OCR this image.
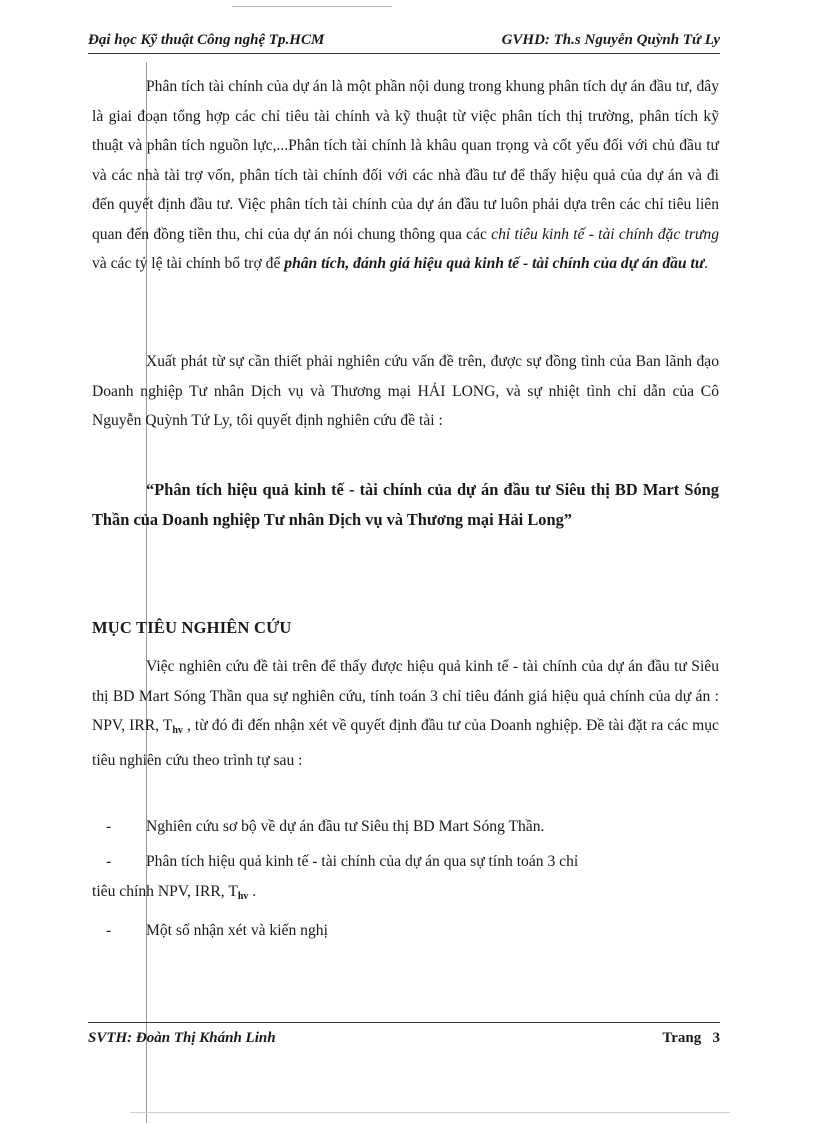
Đại học Kỹ thuật Công nghệ Tp.HCM	GVHD: Th.s Nguyễn Quỳnh Tứ Ly

Phân tích tài chính của dự án là một phần nội dung trong khung phân tích dự án đầu tư, đây là giai đoạn tổng hợp các chỉ tiêu tài chính và kỹ thuật từ việc phân tích thị trường, phân tích kỹ thuật và phân tích nguồn lực,...Phân tích tài chính là khâu quan trọng và cốt yếu đối với chủ đầu tư và các nhà tài trợ vốn, phân tích tài chính đối với các nhà đầu tư để thấy hiệu quả của dự án và đi đến quyết định đầu tư. Việc phân tích tài chính của dự án đầu tư luôn phải dựa trên các chỉ tiêu liên quan đến đồng tiền thu, chi của dự án nói chung thông qua các chỉ tiêu kinh tế - tài chính đặc trưng và các tỷ lệ tài chính bổ trợ để phân tích, đánh giá hiệu quả kinh tế - tài chính của dự án đầu tư.

Xuất phát từ sự cần thiết phải nghiên cứu vấn đề trên, được sự đồng tình của Ban lãnh đạo Doanh nghiệp Tư nhân Dịch vụ và Thương mại HẢI LONG, và sự nhiệt tình chỉ dẫn của Cô Nguyễn Quỳnh Tứ Ly, tôi quyết định nghiên cứu đề tài :

“Phân tích hiệu quả kinh tế - tài chính của dự án đầu tư Siêu thị BD Mart Sóng Thần của Doanh nghiệp Tư nhân Dịch vụ và Thương mại Hải Long”

MỤC TIÊU NGHIÊN CỨU

Việc nghiên cứu đề tài trên để thấy được hiệu quả kinh tế - tài chính của dự án đầu tư Siêu thị BD Mart Sóng Thần qua sự nghiên cứu, tính toán 3 chỉ tiêu đánh giá hiệu quả chính của dự án : NPV, IRR, $T_{hv}$ , từ đó đi đến nhận xét về quyết định đầu tư của Doanh nghiệp. Đề tài đặt ra các mục tiêu nghiên cứu theo trình tự sau :

-	Nghiên cứu sơ bộ về dự án đầu tư Siêu thị BD Mart Sóng Thần.
-	Phân tích hiệu quả kinh tế - tài chính của dự án qua sự tính toán 3 chỉ
tiêu chính NPV, IRR, $T_{hv}$ .
-	Một số nhận xét và kiến nghị
SVTH: Đoàn Thị Khánh Linh	Trang 3
